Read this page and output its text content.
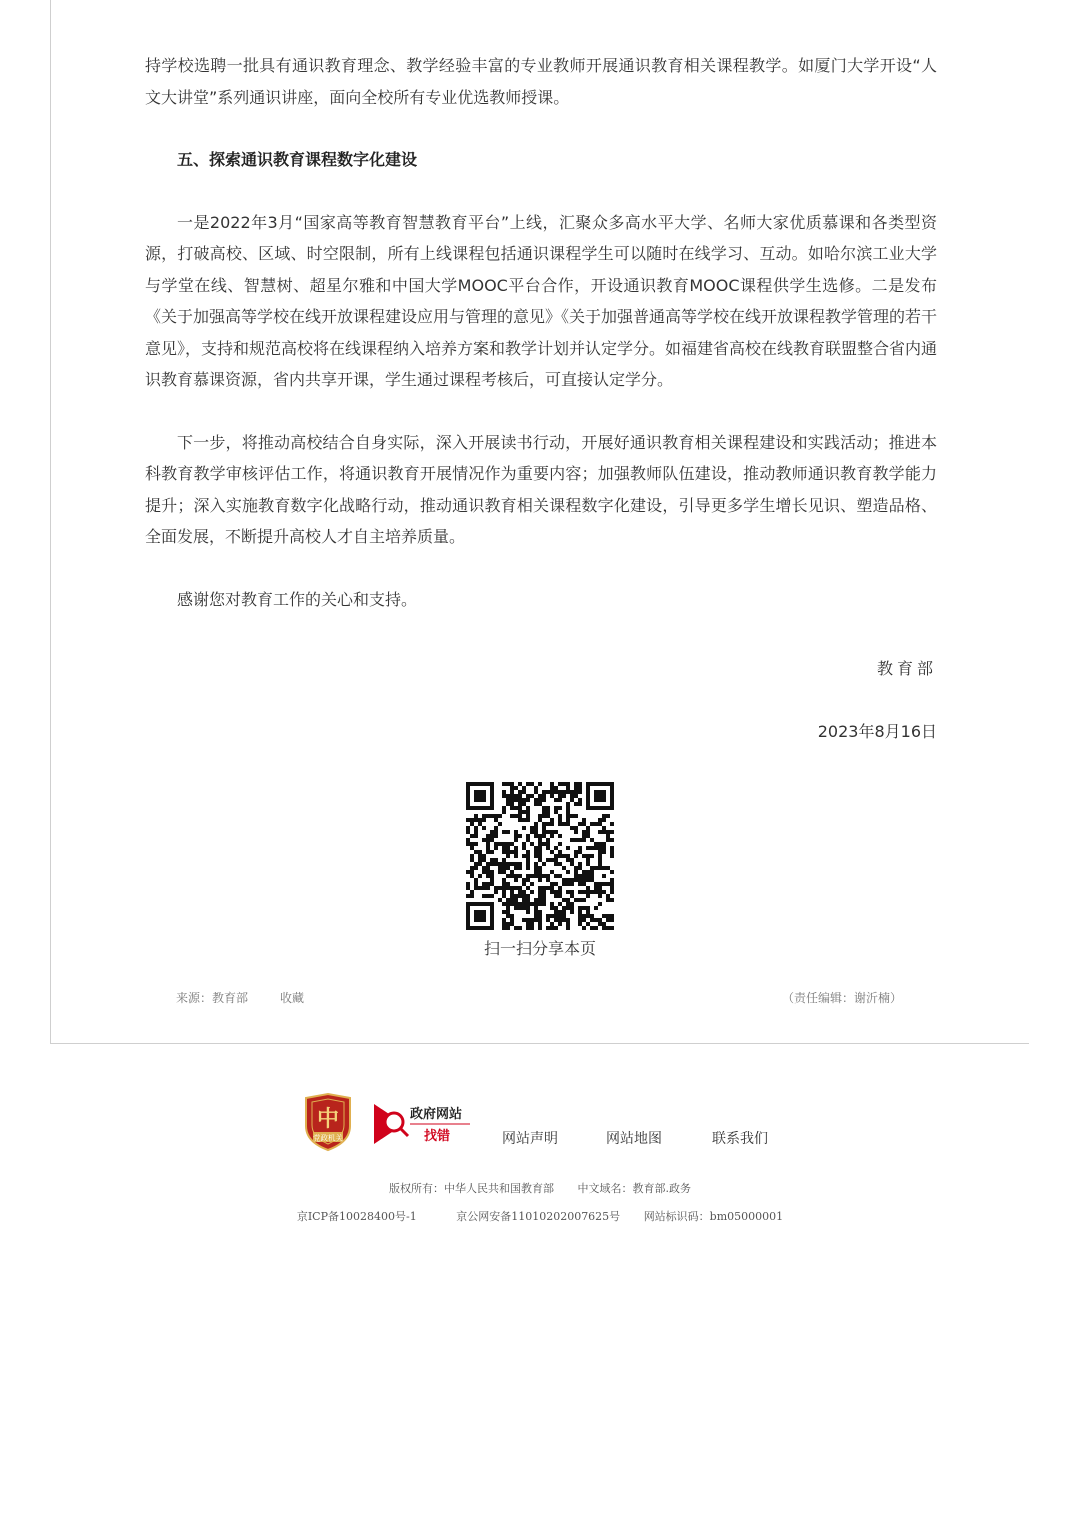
持学校选聘一批具有通识教育理念、教学经验丰富的专业教师开展通识教育相关课程教学。如厦门大学开设“人文大讲堂”系列通识讲座，面向全校所有专业优选教师授课。

五、探索通识教育课程数字化建设

一是2022年3月“国家高等教育智慧教育平台”上线，汇聚众多高水平大学、名师大家优质慕课和各类型资源，打破高校、区域、时空限制，所有上线课程包括通识课程学生可以随时在线学习、互动。如哈尔滨工业大学与学堂在线、智慧树、超星尔雅和中国大学MOOC平台合作，开设通识教育MOOC课程供学生选修。二是发布《关于加强高等学校在线开放课程建设应用与管理的意见》《关于加强普通高等学校在线开放课程教学管理的若干意见》，支持和规范高校将在线课程纳入培养方案和教学计划并认定学分。如福建省高校在线教育联盟整合省内通识教育慕课资源，省内共享开课，学生通过课程考核后，可直接认定学分。

下一步，将推动高校结合自身实际，深入开展读书行动，开展好通识教育相关课程建设和实践活动；推进本科教育教学审核评估工作，将通识教育开展情况作为重要内容；加强教师队伍建设，推动教师通识教育教学能力提升；深入实施教育数字化战略行动，推动通识教育相关课程数字化建设，引导更多学生增长见识、塑造品格、全面发展，不断提升高校人才自主培养质量。

感谢您对教育工作的关心和支持。

教育部
2023年8月16日
扫一扫分享本页
来源：教育部	收藏	（责任编辑：谢沂楠）
中
党政机关
政府网站
找错	网站声明	网站地图	联系我们
版权所有：中华人民共和国教育部 中文域名：教育部.政务
京ICP备10028400号-1	京公网安备11010202007625号 网站标识码：bm05000001
